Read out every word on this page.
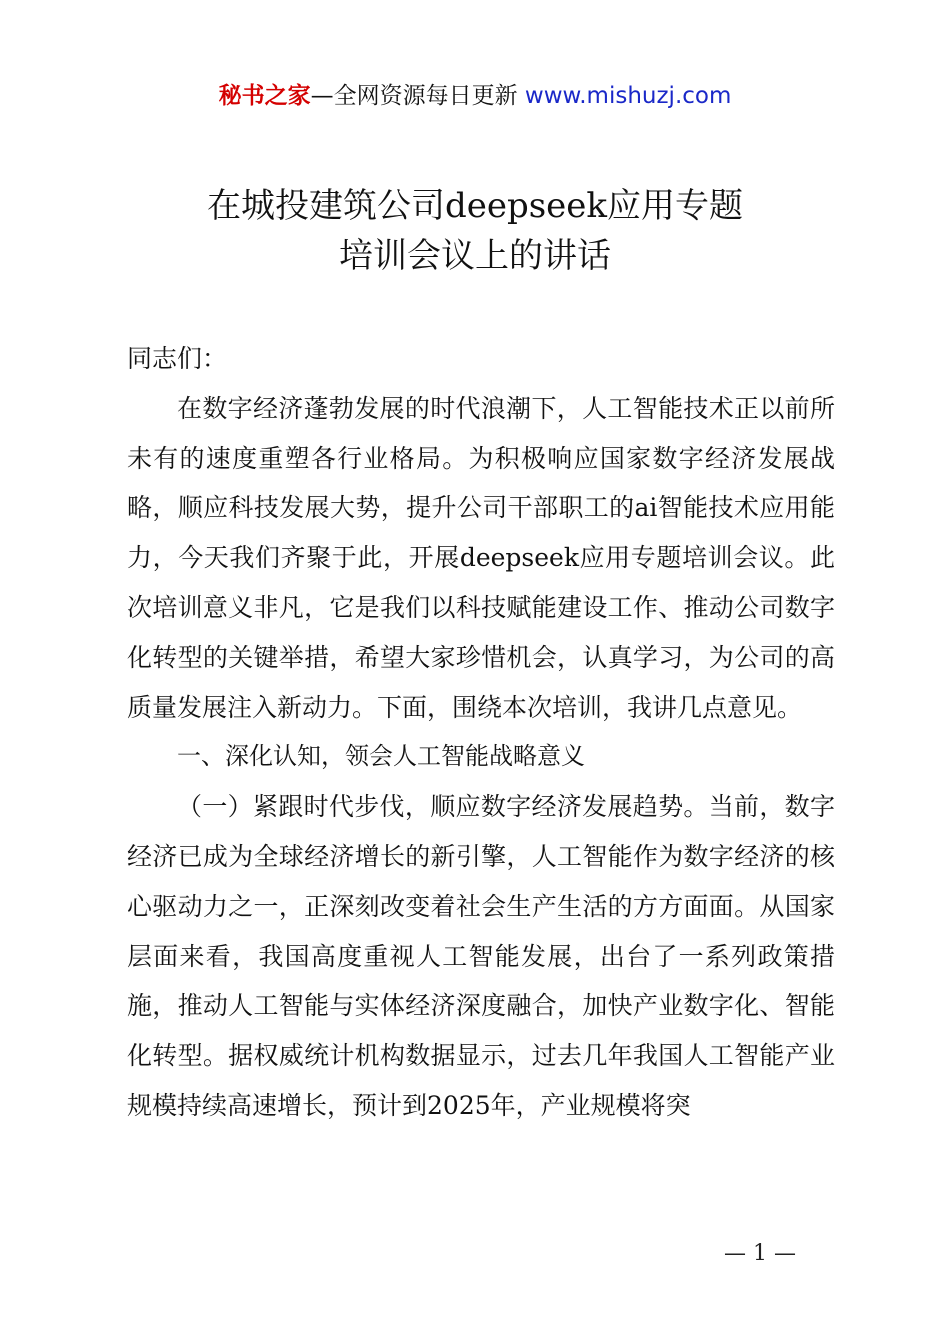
秘书之家—全网资源每日更新 www.mishuzj.com
在城投建筑公司deepseek应用专题
培训会议上的讲话

同志们：

在数字经济蓬勃发展的时代浪潮下，人工智能技术正以前所未有的速度重塑各行业格局。为积极响应国家数字经济发展战略，顺应科技发展大势，提升公司干部职工的ai智能技术应用能力，今天我们齐聚于此，开展deepseek应用专题培训会议。此次培训意义非凡，它是我们以科技赋能建设工作、推动公司数字化转型的关键举措，希望大家珍惜机会，认真学习，为公司的高质量发展注入新动力。下面，围绕本次培训，我讲几点意见。

一、深化认知，领会人工智能战略意义

（一）紧跟时代步伐，顺应数字经济发展趋势。当前，数字经济已成为全球经济增长的新引擎，人工智能作为数字经济的核心驱动力之一，正深刻改变着社会生产生活的方方面面。从国家层面来看，我国高度重视人工智能发展，出台了一系列政策措施，推动人工智能与实体经济深度融合，加快产业数字化、智能化转型。据权威统计机构数据显示，过去几年我国人工智能产业规模持续高速增长，预计到2025年，产业规模将突

— 1 —
